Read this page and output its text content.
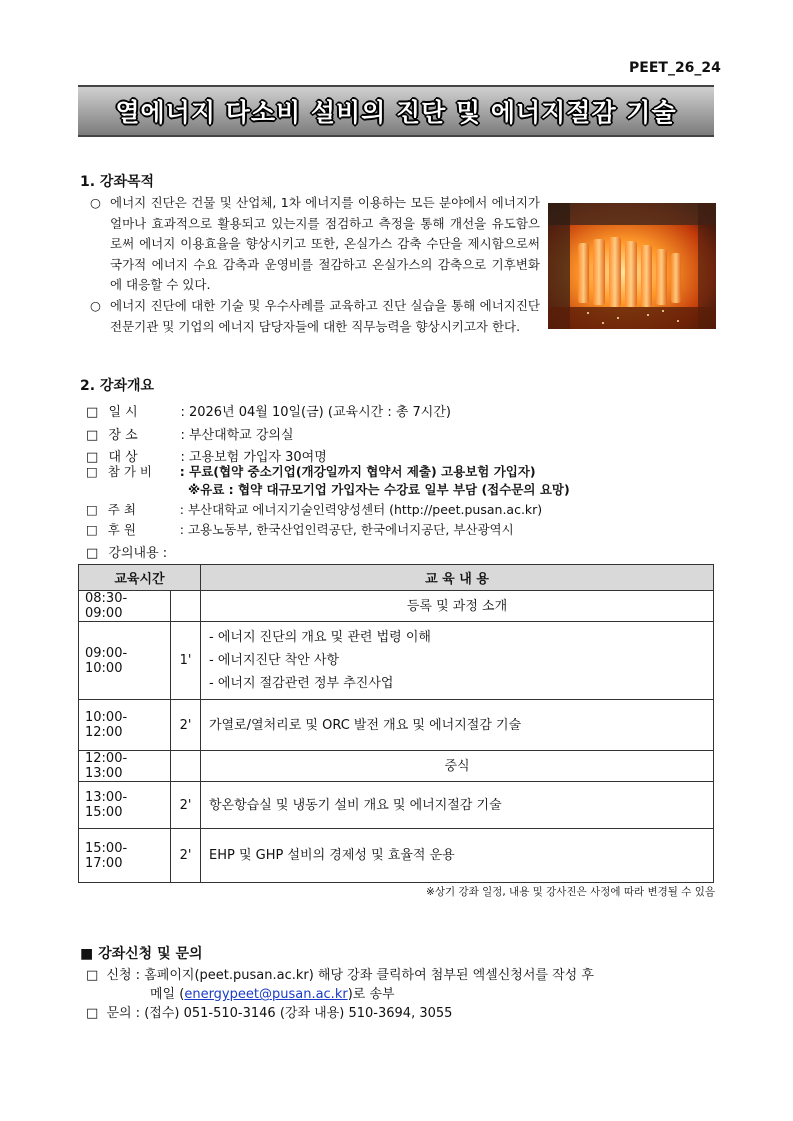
PEET_26_24
열에너지 다소비 설비의 진단 및 에너지절감 기술
1. 강좌목적
○ 에너지 진단은 건물 및 산업체, 1차 에너지를 이용하는 모든 분야에서 에너지가 얼마나 효과적으로 활용되고 있는지를 점검하고 측정을 통해 개선을 유도함으로써 에너지 이용효율을 향상시키고 또한, 온실가스 감축 수단을 제시함으로써 국가적 에너지 수요 감축과 운영비를 절감하고 온실가스의 감축으로 기후변화에 대응할 수 있다.
○ 에너지 진단에 대한 기술 및 우수사례를 교육하고 진단 실습을 통해 에너지진단 전문기관 및 기업의 에너지 담당자들에 대한 직무능력을 향상시키고자 한다.
2. 강좌개요
□ 일 시	: 2026년 04월 10일(금) (교육시간 : 총 7시간)
□ 장 소	: 부산대학교 강의실
□ 대 상	: 고용보험 가입자 30여명
□ 참 가 비 : 무료(협약 중소기업(개강일까지 협약서 제출) 고용보험 가입자)
※유료 : 협약 대규모기업 가입자는 수강료 일부 부담 (접수문의 요망)
□ 주 최	: 부산대학교 에너지기술인력양성센터 (http://peet.pusan.ac.kr)
□ 후 원	: 고용노동부, 한국산업인력공단, 한국에너지공단, 부산광역시
□ 강의내용 :
교육시간		교 육 내 용
08:30-09:00		등록 및 과정 소개

09:00-10:00	1'	- 에너지 진단의 개요 및 관련 법령 이해
- 에너지진단 착안 사항
- 에너지 절감관련 정부 추진사업

10:00-12:00	2'	가열로/열처리로 및 ORC 발전 개요 및 에너지절감 기술

12:00-13:00		중식

13:00-15:00	2'	항온항습실 및 냉동기 설비 개요 및 에너지절감 기술

15:00-17:00	2'	EHP 및 GHP 설비의 경제성 및 효율적 운용
※상기 강좌 일정, 내용 및 강사진은 사정에 따라 변경될 수 있음
■ 강좌신청 및 문의
□ 신청 : 홈페이지(peet.pusan.ac.kr) 해당 강좌 클릭하여 첨부된 엑셀신청서를 작성 후
메일 (energypeet@pusan.ac.kr)로 송부
□ 문의 : (접수) 051-510-3146 (강좌 내용) 510-3694, 3055
